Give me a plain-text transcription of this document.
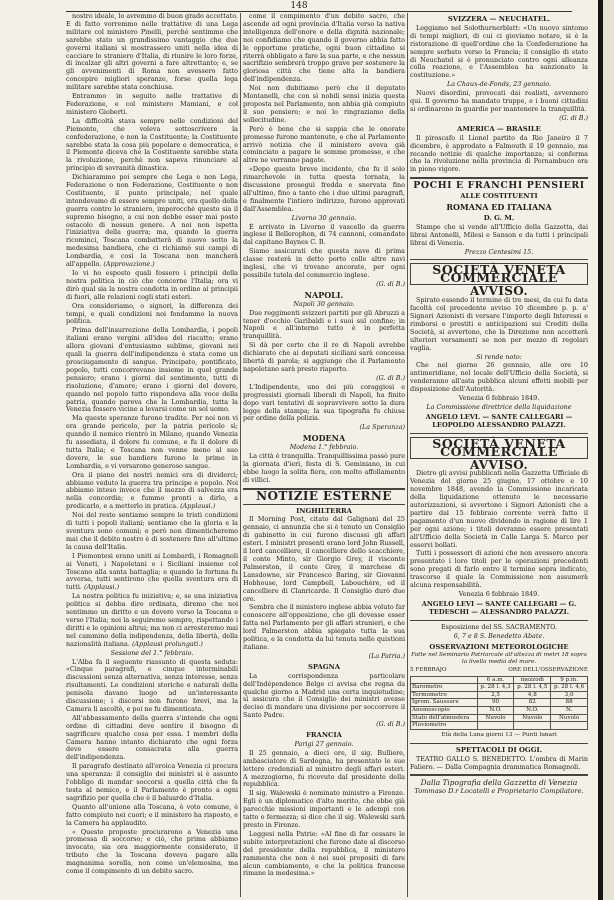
148

nostro ideale, lo avremmo di buon grado accettato. E di fatto vorremmo nelle trattative di una Lega militare col ministero Pinelli, perchè sentimmo che sarebbe stato un grandissimo vantaggio che due governi italiani si mostrassero uniti nella idea di cacciare lo straniero d'Italia, di riunire le loro forze, di incalzar gli altri governi a fare altrettanto; e, se gli avvenimenti di Roma non avessero fatto concepire migliori speranze, forse quella lega militare sarebbe stata conchiusa.

Entrammo in seguito nelle trattative di Federazione, e col ministero Mamiani, e col ministero Gioberti.

La difficoltà stava sempre nelle condizioni del Piemonte, che voleva sottoscrivere la confederazione, e non la Costituente; la Costituente sarebbe stata la cosa più popolare e democratica, e il Piemonte diceva che la Costituente sarebbe stata la rivoluzione, perchè non sapeva rinunciare al principio di sovranità dinastica.

Dichiarammo poi sempre che Lega e non Lega, Federazione o non Federazione, Costituente o non Costituente, il punto principale, nel quale intendevamo di essere sempre uniti, era quello della guerra contro lo straniero, imperocchè questo sia il supremo bisogno, a cui non debbe esser mai posto ostacolo di nessun genere. A noi non ispetta l'iniziativa della guerra; ma, quando la guerra ricominci, Toscana combatterà di nuovo sotto la medesima bandiera, che ci richiamò sui campi di Lombardia, e così la Toscana non mancherà all'appello. (Approvazione.)

Io vi ho esposto quali fossero i principii della nostra politica in ciò che concerne l'Italia; ora vi dirò qual sia la nostra condotta in ordine ai principii di fuori, alle relazioni cogli stati esteri.

Ora consideriamo, o signori, la differenza dei tempi, e quali condizioni noi fondammo la nuova politica.

Prima dell'insurrezione della Lombardia, i popoli italiani erano vergini all'idea del riscatto; erano allora giovani d'entusiasmo sublime, giovani nei quali la guerra dell'indipendenza è stata come un prosciugamento di sangue. Principato, pontificato, popolo, tutti concorrevano insieme in quel grande pensiero; erano i giorni del sentimento, tutti di risoluzione, d'amore; erano i giorni del dovere, quando nel popolo tutto rispondeva alla voce della patria, quando pareva che la Lombardia, tutta la Venezia fossero vicine a levarsi come un sol uomo.

Ma queste speranze furono tradite. Per noi non vi era grande pericolo, per la patria pericolo sì; quando il nemico rientrò in Milano, quando Venezia fu assediata, il dolore fu comune, e fu il dolore di tutta Italia; e Toscana non venne meno al suo dovere, le sue bandiere furono le prime in Lombardia, e vi versarono generoso sangue.

Ora il piano dei nostri nemici era di dividerci; abbiamo veduto la guerra tra principe e popolo. Noi abbiamo inteso invece che il mezzo di salvezza era nella concordia; e fummo pronti a dirlo, a predicarlo, e a metterlo in pratica. (Applausi.)

Noi del resto sentiamo sempre le tristi condizioni di tutti i popoli italiani; sentiamo che la gloria e la sventura sono comuni; e però non dimenticheremo mai che il debito nostro è di sostenere fino all'ultimo la causa dell'Italia.

I Piemontesi erano uniti ai Lombardi, i Romagnoli ai Veneti, i Napoletani e i Siciliani insieme col Toscano alla santa battaglia; e quando la fortuna fu avversa, tutti sentirono che quella sventura era di tutti. (Applausi.)

La nostra politica fu iniziativa; e, se una iniziativa politica si debba dire ordinata, diremo che noi sentimmo un diritto e un dovere verso la Toscana e verso l'Italia; noi la seguiremo sempre, rispettando i diritti e le opinioni altrui; ma non ci arresteremo mai nel cammino della indipendenza, della libertà, della nazionalità italiana. (Applausi prolungati.)

Sessione del 1.° febbraio.

L'Alba fa il seguente riassunto di questa seduta: «Cinque paragrafi, e cinque interminabili discussioni senza alternativa, senza interesse, senza risultamenti. Le condizioni storiche e naturali della penisola davano luogo ad un'interessante discussione; i discorsi non furono brevi, ma la Camera li ascoltò, e poi ne fu dimenticata.

All'abbassamento della guerra s'intende che ogni ordine di cittadini deve sentire il bisogno di sagrificare qualche cosa per essa. I membri della Camera hanno intanto dichiarato che ogni forza deve essere consacrata alla guerra dell'indipendenza.

Il paragrafo destinato all'eroica Venezia ci procura una speranza: il consiglio dei ministri si è assunto l'obbligo di mandar soccorsi a quella città che fa testa al nemico, e il Parlamento è pronto a ogni sagrifizio per quella che è il baluardo d'Italia.

Quanto all'unione alla Toscana, è voto comune, è fatto compiuto nei cuori; e il ministero ha risposto, e la Camera ha applaudito.

« Queste proposte procurarono a Venezia una promessa di soccorso; e ciò, che prima abbiamo invocato, sia ora maggiormente considerato, il tributo che la Toscana doveva pagare alla magnanima sorella, non come un'elemosina, ma come il compimento di un debito sacro.

come il compimento d'un debito sacro, che ascende ad ogni provincia d'Italia verso la nativa intelligenza dell'onore e della dignità nazionale; noi confidiamo che quando il governo abbia fatto le opportune pratiche, ogni buon cittadino si riterrà obbligato a fare la sua parte, e che nessun sacrifizio sembrerà troppo grave per sostenere la gloriosa città che tiene alta la bandiera dell'indipendenza.

Noi non dubitiamo però che il deputato Montanelli, che con sì nobili sensi inizia questa proposta nel Parlamento, non abbia già compiuto il suo pensiero; e noi lo ringraziamo della sollecitudine.

Però è bene che si sappia che le onorate promesse furono mantenute, e che al Parlamento arrivò notizia che il ministero aveva già cominciato a pagare le somme promesse, e che altre ne verranno pagate.

«Dopo questo breve incidente, che fu il solo rimarchevole in tutta questa tornata, la discussione proseguì fredda e snervata fino all'ultimo, fino a tanto che i due ultimi paragrafi, e finalmente l'intiero indirizzo, furono approvati dall'Assemblea.

Livorno 30 gennaio.

È arrivato in Livorno il vascello da guerra inglese il Bellerophon, di 74 cannoni, comandato dal capitano Baynes C. B.

Siamo assicurati che questa nave di prima classe resterà in detto porto colle altre navi inglesi, che vi trovano ancorate, per ogni possibile tutela del commercio inglese.

(G. di B.)
NAPOLI.
Napoli 30 gennaio.

Due reggimenti svizzeri partiti per gli Abruzzi a tener d'occhio Garibaldi e i suoi sul confine; in Napoli e all'interno tutto è in perfetta tranquillità.

Si dà per certo che il re di Napoli avrebbe dichiarato che ai deputati siciliani sarà concessa libertà di parola; si aggiunge che il Parlamento napoletano sarà presto riaperto.

(G. di B.)

L'Indipendente, uno dei più coraggiosi e progressisti giornali liberali di Napoli, ha finito dopo vari tentativi di sopravvivere sotto la dura legge della stampa; la sua tipografia fu chiusa per ordine della polizia.

(La Speranza)
MODENA
Modena 1.° febbraio.

La città è tranquilla. Tranquillissima passò pure la giornata d'ieri, festa di S. Geminiano, in cui ebbe luogo la solita fiera, con molto affollamento di villici.

NOTIZIE ESTERNE
INGHILTERRA

Il Morning Post, citato dal Galignani del 25 gennaio, ci annunzia che si è tenuto un Consiglio di gabinetto in cui furono discussi gli affari esteri. I ministri presenti erano lord John Russell, il lord cancelliere, il cancelliere dello scacchiere, il conte Minto, sir Giorgio Grey, il visconte Palmerston, il conte Grey, il marchese di Lansdowne, sir Francesco Baring, sir Giovanni Hobhouse, lord Campbell, Labouchère, ed il cancelliere di Clanricarde. Il Consiglio durò due ore.

Sembra che il ministero inglese abbia voluto far conoscere all'opposizione, che gli dovesse esser fatta nel Parlamento per gli affari stranieri, e che lord Palmerston abbia spiegato tutta la sua politica, e la condotta da lui tenuta nelle quistioni italiane.

(La Patria.)
SPAGNA

La corrispondenza particolare dell'Indépendence Belge ci avvisa che regna da qualche giorno a Madrid una certa inquietudine; si assicura che il Consiglio dei ministri avesse deciso di mandare una divisione per soccorrere il Santo Padre.

(G. di B.)
FRANCIA
Parigi 27 gennaio.

Il 25 gennaio, a dieci ore, il sig. Bulliere, ambasciatore di Sardegna, ha presentato le sue lettere credenziali al ministro degli affari esteri. A mezzogiorno, fu ricevuto dal presidente della repubblica.

Il sig. Walewski è nominato ministro a Firenze. Egli è un diplomatico d'alto merito, che ebbe già parecchie missioni importanti e le adempì con tatto e fermezza; si dice che il sig. Walewski sarà presto in Firenze.

Leggesi nella Patrie: «Al fine di far cessare le subite interpretazioni che furono date al discorso del presidente della repubblica, il ministero rammenta che non è nei suoi propositi di fare alcun cambiamento, e che la politica francese rimane la medesima.»

SVIZZERA — NEUCHATEL.

Leggiamo nel Solothurnerblatt: «Un nuovo sintomo di tempi migliori, di cui ci gioviamo notare, si è la ristorazione di quell'ordine che la Confederazione ha sempre serbato verso la Francia; il consiglio di stato di Neuchatel si è pronunciato contro ogni alleanza colla reazione, e l'Assemblea ha sanzionato la costituzione.»

La Chaux-de-Fonds, 23 gennaio.

Nuovi disordini, provocati dai realisti, avvennero qui. Il governo ha mandato truppe, e i buoni cittadini si ordinarono in guardie per mantenere la tranquillità.

(G. di B.)
AMERICA — BRASILE

Il piroscafo il Lionel partito da Rio Janeiro il 7 dicembre, è approdato a Falmouth il 19 gennaio, ma recando notizie di qualche importanza; si conferma che la rivoluzione nella provincia di Pernambuco era in pieno vigore.

POCHI E FRANCHI PENSIERI
ALLE COSTITUENTI
ROMANA ED ITALIANA
D. G. M.

Stampe che si vende all'Ufficio della Gazzetta, dai librai Antonelli, Milesi e Sanson e da tutti i principali librai di Venezia.

Prezzo Centesimi 15.
SOCIETÀ VENETA COMMERCIALE
AVVISO.

Spirato essendo il termine di tre mesi, da cui fu data facoltà col precedente avviso 10 dicembre p. p. a' Signori Azionisti di versare l'importo degli Interessi e rimborsi e prestiti e anticipazioni sui Crediti della Società, si avvertono, che la Direzione non accetterà ulteriori versamenti se non per mezzo di regolari vaglia.

Si rende noto:

Che nel giorno 26 gennaio, alle ore 10 antimeridiane, nel locale dell'Ufficio della Società, si venderanno all'asta pubblica alcuni effetti mobili per disposizione dell'Autorità.

Venezia 6 febbraio 1849.
La Commissione direttrice della liquidazione
ANGELO LEVI. — SANTE CALLEGARI — LEOPOLDO ALESSANDRO PALAZZI.
SOCIETÀ VENETA COMMERCIALE
AVVISO.

Dietro gli avvisi pubblicati nella Gazzetta Ufficiale di Venezia del giorno 25 giugno, 17 ottobre e 10 novembre 1848, avendo la Commissione incaricata della liquidazione ottenuto le necessarie autorizzazioni, si avvertono i Signori Azionisti che a partire dal 15 febbraio corrente verrà fatto il pagamento d'un nuovo dividendo in ragione di lire 1 per ogni azione; i titoli dovranno essere presentati all'Ufficio della Società in Calle Larga S. Marco per esservi bollati.

Tutti i possessori di azioni che non avessero ancora presentato i loro titoli per le operazioni precedenti sono pregati di farlo entro il termine sopra indicato, trascorso il quale la Commissione non assumerà alcuna responsabilità.

Venezia 6 febbraio 1849.
ANGELO LEVI — SANTE CALLEGARI — G. TEDESCHI — ALESSANDRO PALAZZI.
Esposizione del SS. SACRAMENTO.
6, 7 e 8 S. Benedetto Abate.
OSSERVAZIONI METEOROLOGICHE
Fatte nel Seminario Patriarcale all'altezza di metri 18 sopra la livella media del mare.
5 FEBBRAJO	ORE DELL'OSSERVAZIONE
	6 a.m.	mezzodì	9 p.m.
Barometro	p. 28 l. 4,3	p. 28 l. 4,5	p. 28 l. 4,6
Termometro	2,5	4,8	3,0
Igrom. Saussure	90	82	88
Anemoscopio	N.O.	N.O.	N.
Stato dell'atmosfera	Nuvolo	Nuvolo	Nuvolo
Pluviometro			
Età della Luna giorni 13 — Punti lunari
SPETTACOLI DI OGGI.

TEATRO GALLO S. BENEDETTO. L'ombra di Marin Faliero. — Dalla Compagnia drammatica Romagnoli.

Dalla Tipografia della Gazzetta di Venezia
Tommaso D.r Locatelli e Proprietario Compilatore.
